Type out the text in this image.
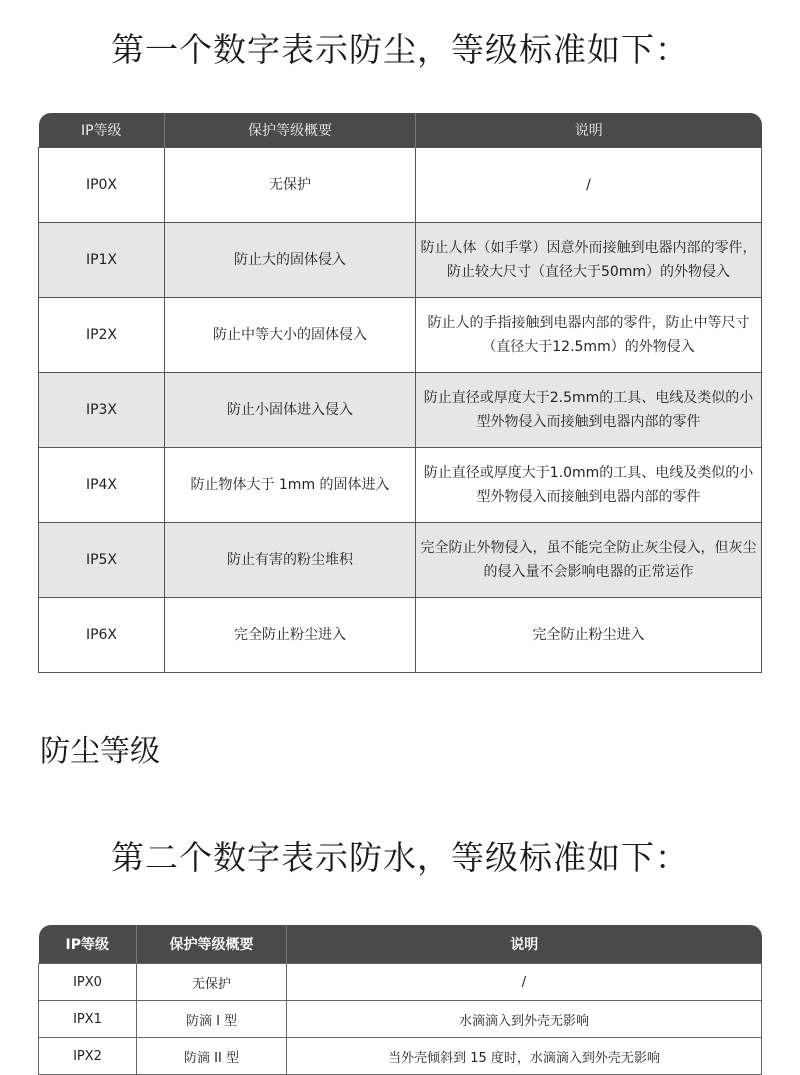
第一个数字表示防尘，等级标准如下：
IP等级	保护等级概要	说明
IP0X	无保护	/
IP1X	防止大的固体侵入	防止人体（如手掌）因意外而接触到电器内部的零件，防止较大尺寸（直径大于50mm）的外物侵入
IP2X	防止中等大小的固体侵入	防止人的手指接触到电器内部的零件，防止中等尺寸（直径大于12.5mm）的外物侵入
IP3X	防止小固体进入侵入	防止直径或厚度大于2.5mm的工具、电线及类似的小型外物侵入而接触到电器内部的零件
IP4X	防止物体大于 1mm 的固体进入	防止直径或厚度大于1.0mm的工具、电线及类似的小型外物侵入而接触到电器内部的零件
IP5X	防止有害的粉尘堆积	完全防止外物侵入，虽不能完全防止灰尘侵入，但灰尘的侵入量不会影响电器的正常运作
IP6X	完全防止粉尘进入	完全防止粉尘进入
防尘等级
第二个数字表示防水，等级标准如下：
IP等级	保护等级概要	说明
IPX0	无保护	/
IPX1	防滴 I 型	水滴滴入到外壳无影响
IPX2	防滴 II 型	当外壳倾斜到 15 度时，水滴滴入到外壳无影响
